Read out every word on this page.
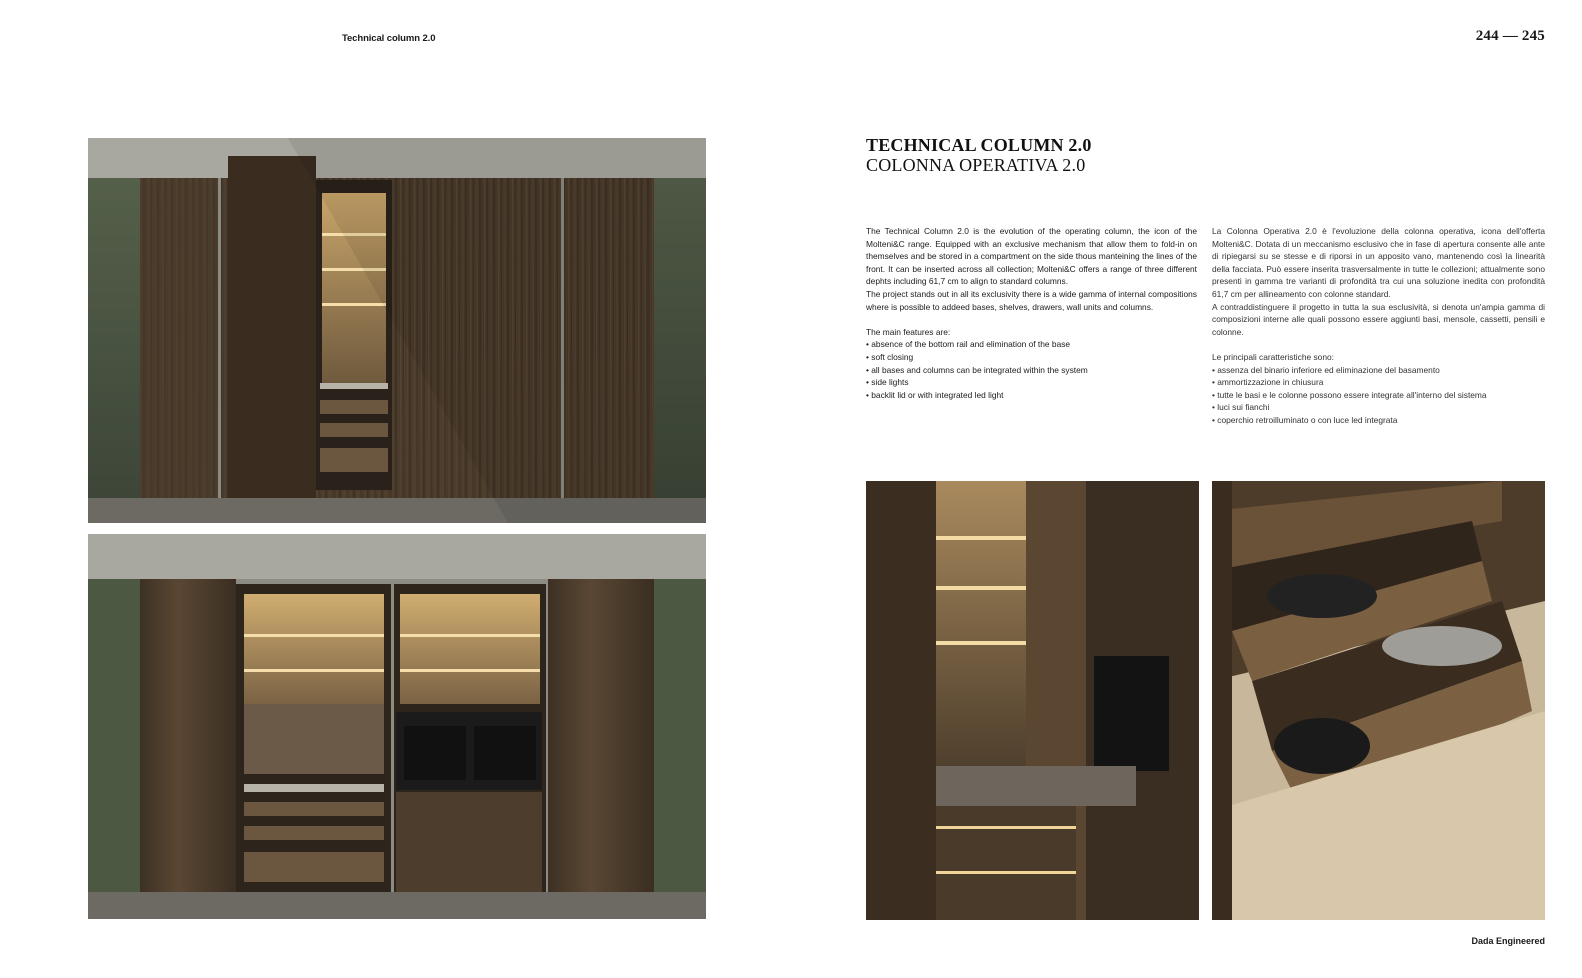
Technical column 2.0	244 — 245
TECHNICAL COLUMN 2.0
COLONNA OPERATIVA 2.0

The Technical Column 2.0 is the evolution of the operating column, the icon of the Molteni&C range. Equipped with an exclusive mechanism that allow them to fold-in on themselves and be stored in a compartment on the side thous manteining the lines of the front. It can be inserted across all collection; Molteni&C offers a range of three different dephts including 61,7 cm to align to standard columns.

The project stands out in all its exclusivity there is a wide gamma of internal compositions where is possible to addeed bases, shelves, drawers, wall units and columns.

The main features are:

• absence of the bottom rail and elimination of the base
• soft closing
• all bases and columns can be integrated within the system
• side lights
• backlit lid or with integrated led light

La Colonna Operativa 2.0 è l'evoluzione della colonna operativa, icona dell'offerta Molteni&C. Dotata di un meccanismo esclusivo che in fase di apertura consente alle ante di ripiegarsi su se stesse e di riporsi in un apposito vano, mantenendo così la linearità della facciata. Può essere inserita trasversalmente in tutte le collezioni; attualmente sono presenti in gamma tre varianti di profondità tra cui una soluzione inedita con profondità 61,7 cm per allineamento con colonne standard.

A contraddistinguere il progetto in tutta la sua esclusività, si denota un'ampia gamma di composizioni interne alle quali possono essere aggiunti basi, mensole, cassetti, pensili e colonne.

Le principali caratteristiche sono:

• assenza del binario inferiore ed eliminazione del basamento
• ammortizzazione in chiusura
• tutte le basi e le colonne possono essere integrate all'interno del sistema
• luci sui fianchi
• coperchio retroilluminato o con luce led integrata
Dada Engineered
